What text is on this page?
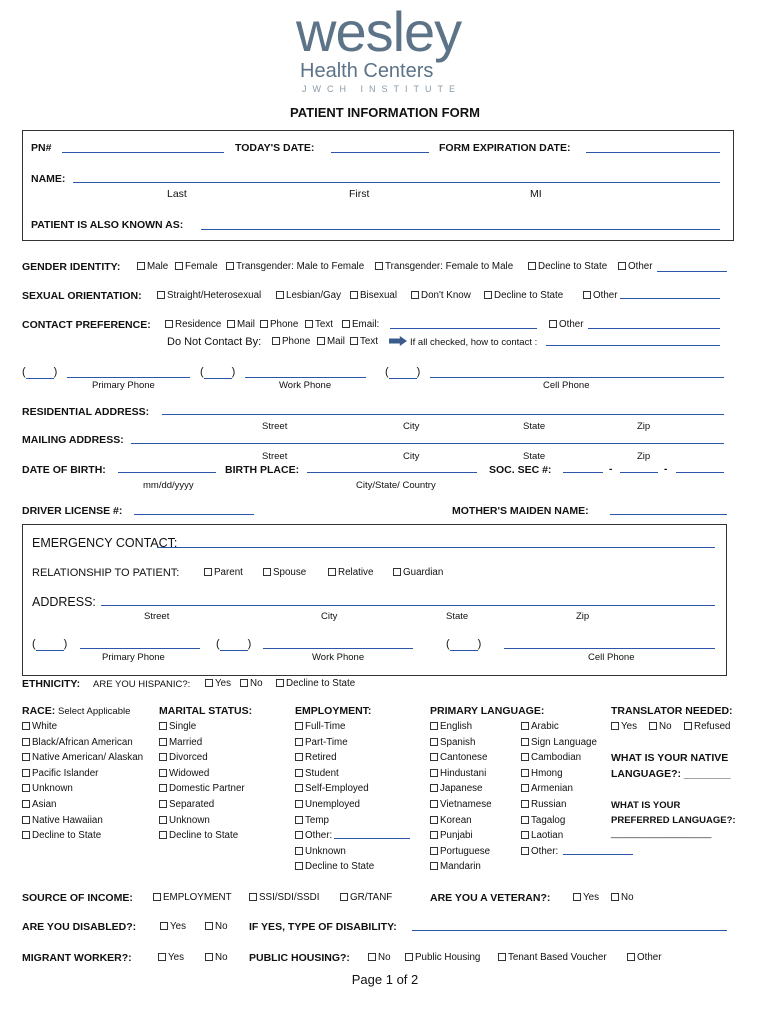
wesley
Health Centers
JWCH INSTITUTE
PATIENT INFORMATION FORM
PN#	TODAY'S DATE:	FORM EXPIRATION DATE:
NAME:
Last	First	MI
PATIENT IS ALSO KNOWN AS:
GENDER IDENTITY:	Male	Female	Transgender: Male to Female	Transgender: Female to Male	Decline to State	Other
SEXUAL ORIENTATION:	Straight/Heterosexual	Lesbian/Gay	Bisexual	Don't Know	Decline to State	Other
CONTACT PREFERENCE:	Residence	Mail	Phone	Text	Email:	Other
Do Not Contact By:	Phone	Mail	Text	If all checked, how to contact :
(	)
Primary Phone
(	)
Work Phone
(	)
Cell Phone
RESIDENTIAL ADDRESS:
Street	City	State	Zip
MAILING ADDRESS:
Street	City	State	Zip
DATE OF BIRTH:
mm/dd/yyyy
BIRTH PLACE:
City/State/ Country
SOC. SEC #:	-	-
DRIVER LICENSE #:	MOTHER'S MAIDEN NAME:
EMERGENCY CONTACT:
RELATIONSHIP TO PATIENT:	Parent	Spouse	Relative	Guardian
ADDRESS:
Street	City	State	Zip
(	)
Primary Phone
(	)
Work Phone
(	)
Cell Phone
ETHNICITY: ARE YOU HISPANIC?:	Yes	No	Decline to State
RACE: Select Applicable
White
Black/African American
Native American/ Alaskan
Pacific Islander
Unknown
Asian
Native Hawaiian
Decline to State
MARITAL STATUS:
Single
Married
Divorced
Widowed
Domestic Partner
Separated
Unknown
Decline to State
EMPLOYMENT:
Full-Time
Part-Time
Retired
Student
Self-Employed
Unemployed
Temp
Other:
Unknown
Decline to State
PRIMARY LANGUAGE:
English
Spanish
Cantonese
Hindustani
Japanese
Vietnamese
Korean
Punjabi
Portuguese
Mandarin
Arabic
Sign Language
Cambodian
Hmong
Armenian
Russian
Tagalog
Laotian
Other:
TRANSLATOR NEEDED:
Yes	No	Refused
WHAT IS YOUR NATIVE
LANGUAGE?: ________
WHAT IS YOUR
PREFERRED LANGUAGE?:
___________________
SOURCE OF INCOME:	EMPLOYMENT	SSI/SDI/SSDI	GR/TANF	ARE YOU A VETERAN?:	Yes	No
ARE YOU DISABLED?:	Yes	No IF YES, TYPE OF DISABILITY:
MIGRANT WORKER?:	Yes	No PUBLIC HOUSING?:	No	Public Housing	Tenant Based Voucher	Other
Page 1 of 2
